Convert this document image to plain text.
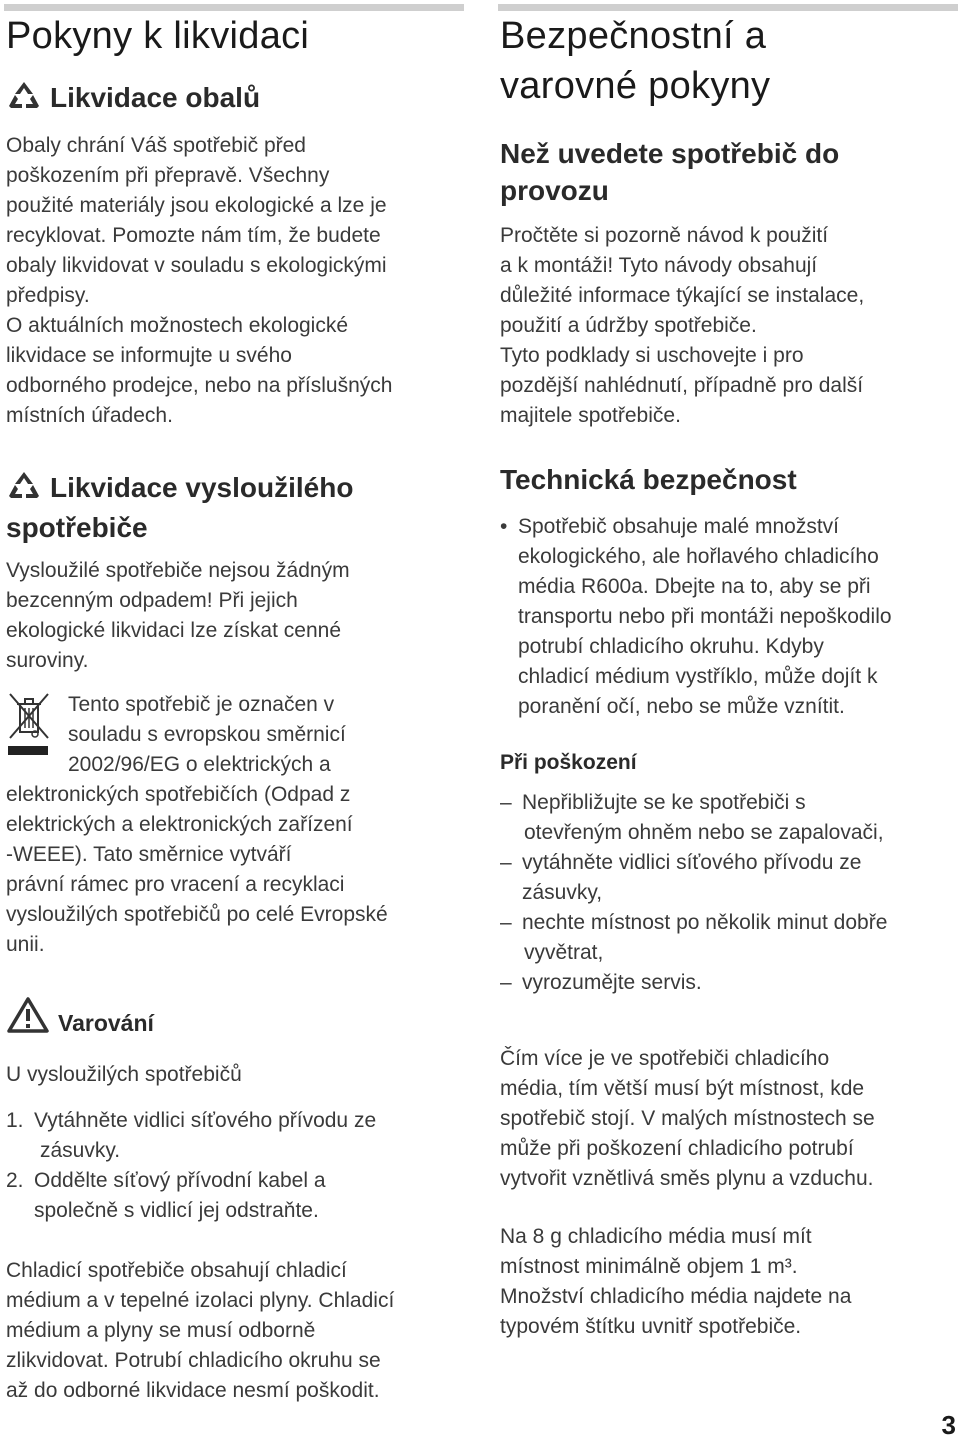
Pokyny k likvidaci
Likvidace obalů

Obaly chrání Váš spotřebič před

poškozením při přepravě. Všechny

použité materiály jsou ekologické a lze je

recyklovat. Pomozte nám tím, že budete

obaly likvidovat v souladu s ekologickými

předpisy.

O aktuálních možnostech ekologické

likvidace se informujte u svého

odborného prodejce, nebo na příslušných

místních úřadech.

Likvidace vysloužilého
spotřebiče

Vysloužilé spotřebiče nejsou žádným

bezcenným odpadem! Při jejich

ekologické likvidaci lze získat cenné

suroviny.

Tento spotřebič je označen v

souladu s evropskou směrnicí

2002/96/EG o elektrických a

elektronických spotřebičích (Odpad z

elektrických a elektronických zařízení

-WEEE). Tato směrnice vytváří

právní rámec pro vracení a recyklaci

vysloužilých spotřebičů po celé Evropské

unii.

Varování

U vysloužilých spotřebičů

1. Vytáhněte vidlici síťového přívodu ze
zásuvky.
2. Oddělte síťový přívodní kabel a
společně s vidlicí jej odstraňte.

Chladicí spotřebiče obsahují chladicí

médium a v tepelné izolaci plyny. Chladicí

médium a plyny se musí odborně

zlikvidovat. Potrubí chladicího okruhu se

až do odborné likvidace nesmí poškodit.

Bezpečnostní a
varovné pokyny
Než uvedete spotřebič do
provozu

Pročtěte si pozorně návod k použití

a k montáži! Tyto návody obsahují

důležité informace týkající se instalace,

použití a údržby spotřebiče.

Tyto podklady si uschovejte i pro

pozdější nahlédnutí, případně pro další

majitele spotřebiče.

Technická bezpečnost
• Spotřebič obsahuje malé množství
ekologického, ale hořlavého chladicího
média R600a. Dbejte na to, aby se při
transportu nebo při montáži nepoškodilo
potrubí chladicího okruhu. Kdyby
chladicí médium vystříklo, může dojít k
poranění očí, nebo se může vznítit.
Při poškození
– Nepřibližujte se ke spotřebiči s
otevřeným ohněm nebo se zapalovači,
– vytáhněte vidlici síťového přívodu ze
zásuvky,
– nechte místnost po několik minut dobře
vyvětrat,
– vyrozumějte servis.

Čím více je ve spotřebiči chladicího

média, tím větší musí být místnost, kde

spotřebič stojí. V malých místnostech se

může při poškození chladicího potrubí

vytvořit vznětlivá směs plynu a vzduchu.

Na 8 g chladicího média musí mít

místnost minimálně objem 1 m³.

Množství chladicího média najdete na

typovém štítku uvnitř spotřebiče.

3
